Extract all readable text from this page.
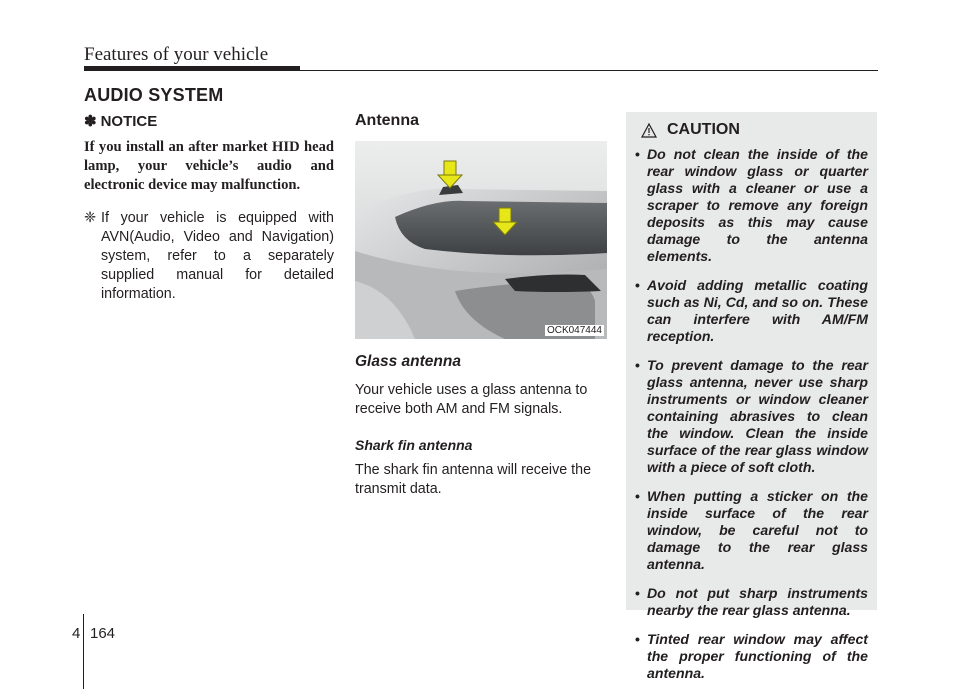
Features of your vehicle
AUDIO SYSTEM
✽ NOTICE
If you install an after market HID head lamp, your vehicle’s audio and electronic device may malfunction.
❈ If your vehicle is equipped with AVN(Audio, Video and Navigation) system, refer to a separately supplied manual for detailed information.
Antenna
OCK047444
Glass antenna
Your vehicle uses a glass antenna to receive both AM and FM signals.
Shark fin antenna
The shark fin antenna will receive the transmit data.
CAUTION
• Do not clean the inside of the rear window glass or quarter glass with a cleaner or use a scraper to remove any foreign deposits as this may cause damage to the antenna elements.
• Avoid adding metallic coating such as Ni, Cd, and so on. These can interfere with AM/FM reception.
• To prevent damage to the rear glass antenna, never use sharp instruments or window cleaner containing abrasives to clean the window. Clean the inside surface of the rear glass window with a piece of soft cloth.
• When putting a sticker on the inside surface of the rear window, be careful not to damage to the rear glass antenna.
• Do not put sharp instruments nearby the rear glass antenna.
• Tinted rear window may affect the proper functioning of the antenna.
4 164
